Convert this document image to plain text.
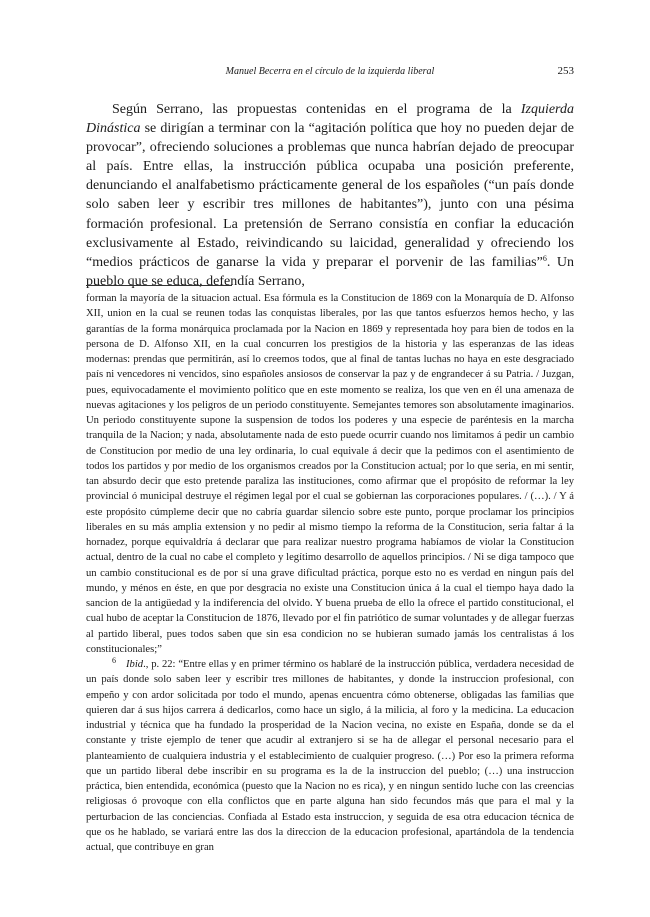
Manuel Becerra en el círculo de la izquierda liberal	253

Según Serrano, las propuestas contenidas en el programa de la Izquierda Dinástica se dirigían a terminar con la “agitación política que hoy no pueden dejar de provocar”, ofreciendo soluciones a problemas que nunca habrían dejado de preocupar al país. Entre ellas, la instrucción pública ocupaba una posición preferente, denunciando el analfabetismo prácticamente general de los españoles (“un país donde solo saben leer y escribir tres millones de habitantes”), junto con una pésima formación profesional. La pretensión de Serrano consistía en confiar la educación exclusivamente al Estado, reivindicando su laicidad, generalidad y ofreciendo los “medios prácticos de ganarse la vida y preparar el porvenir de las familias”$^6$. Un pueblo que se educa, defendía Serrano,

forman la mayoría de la situacion actual. Esa fórmula es la Constitucion de 1869 con la Monarquía de D. Alfonso XII, union en la cual se reunen todas las conquistas liberales, por las que tantos esfuerzos hemos hecho, y las garantías de la forma monárquica proclamada por la Nacion en 1869 y representada hoy para bien de todos en la persona de D. Alfonso XII, en la cual concurren los prestigios de la historia y las esperanzas de las ideas modernas: prendas que permitirán, así lo creemos todos, que al final de tantas luchas no haya en este desgraciado país ni vencedores ni vencidos, sino españoles ansiosos de conservar la paz y de engrandecer á su Patria. / Juzgan, pues, equivocadamente el movimiento político que en este momento se realiza, los que ven en él una amenaza de nuevas agitaciones y los peligros de un periodo constituyente. Semejantes temores son absolutamente imaginarios. Un periodo constituyente supone la suspension de todos los poderes y una especie de paréntesis en la marcha tranquila de la Nacion; y nada, absolutamente nada de esto puede ocurrir cuando nos limitamos á pedir un cambio de Constitucion por medio de una ley ordinaria, lo cual equivale á decir que la pedimos con el asentimiento de todos los partidos y por medio de los organismos creados por la Constitucion actual; por lo que seria, en mi sentir, tan absurdo decir que esto pretende paraliza las instituciones, como afirmar que el propósito de reformar la ley provincial ó municipal destruye el régimen legal por el cual se gobiernan las corporaciones populares. / (…). / Y á este propósito cúmpleme decir que no cabría guardar silencio sobre este punto, porque proclamar los principios liberales en su más amplia extension y no pedir al mismo tiempo la reforma de la Constitucion, seria faltar á la hornadez, porque equivaldría á declarar que para realizar nuestro programa habíamos de violar la Constitucion actual, dentro de la cual no cabe el completo y legítimo desarrollo de aquellos principios. / Ni se diga tampoco que un cambio constitucional es de por sí una grave dificultad práctica, porque esto no es verdad en ningun país del mundo, y ménos en éste, en que por desgracia no existe una Constitucion única á la cual el tiempo haya dado la sancion de la antigüedad y la indiferencia del olvido. Y buena prueba de ello la ofrece el partido constitucional, el cual hubo de aceptar la Constitucion de 1876, llevado por el fin patriótico de sumar voluntades y de allegar fuerzas al partido liberal, pues todos saben que sin esa condicion no se hubieran sumado jamás los centralistas á los constitucionales;”

$^6$ Ibid., p. 22: “Entre ellas y en primer término os hablaré de la instrucción pública, verdadera necesidad de un país donde solo saben leer y escribir tres millones de habitantes, y donde la instruccion profesional, con empeño y con ardor solicitada por todo el mundo, apenas encuentra cómo obtenerse, obligadas las familias que quieren dar á sus hijos carrera á dedicarlos, como hace un siglo, á la milicia, al foro y la medicina. La educacion industrial y técnica que ha fundado la prosperidad de la Nacion vecina, no existe en España, donde se da el constante y triste ejemplo de tener que acudir al extranjero si se ha de allegar el personal necesario para el planteamiento de cualquiera industria y el establecimiento de cualquier progreso. (…) Por eso la primera reforma que un partido liberal debe inscribir en su programa es la de la instruccion del pueblo; (…) una instruccion práctica, bien entendida, económica (puesto que la Nacion no es rica), y en ningun sentido luche con las creencias religiosas ó provoque con ella conflictos que en parte alguna han sido fecundos más que para el mal y la perturbacion de las conciencias. Confiada al Estado esta instruccion, y seguida de esa otra educacion técnica de que os he hablado, se variará entre las dos la direccion de la educacion profesional, apartándola de la tendencia actual, que contribuye en gran
